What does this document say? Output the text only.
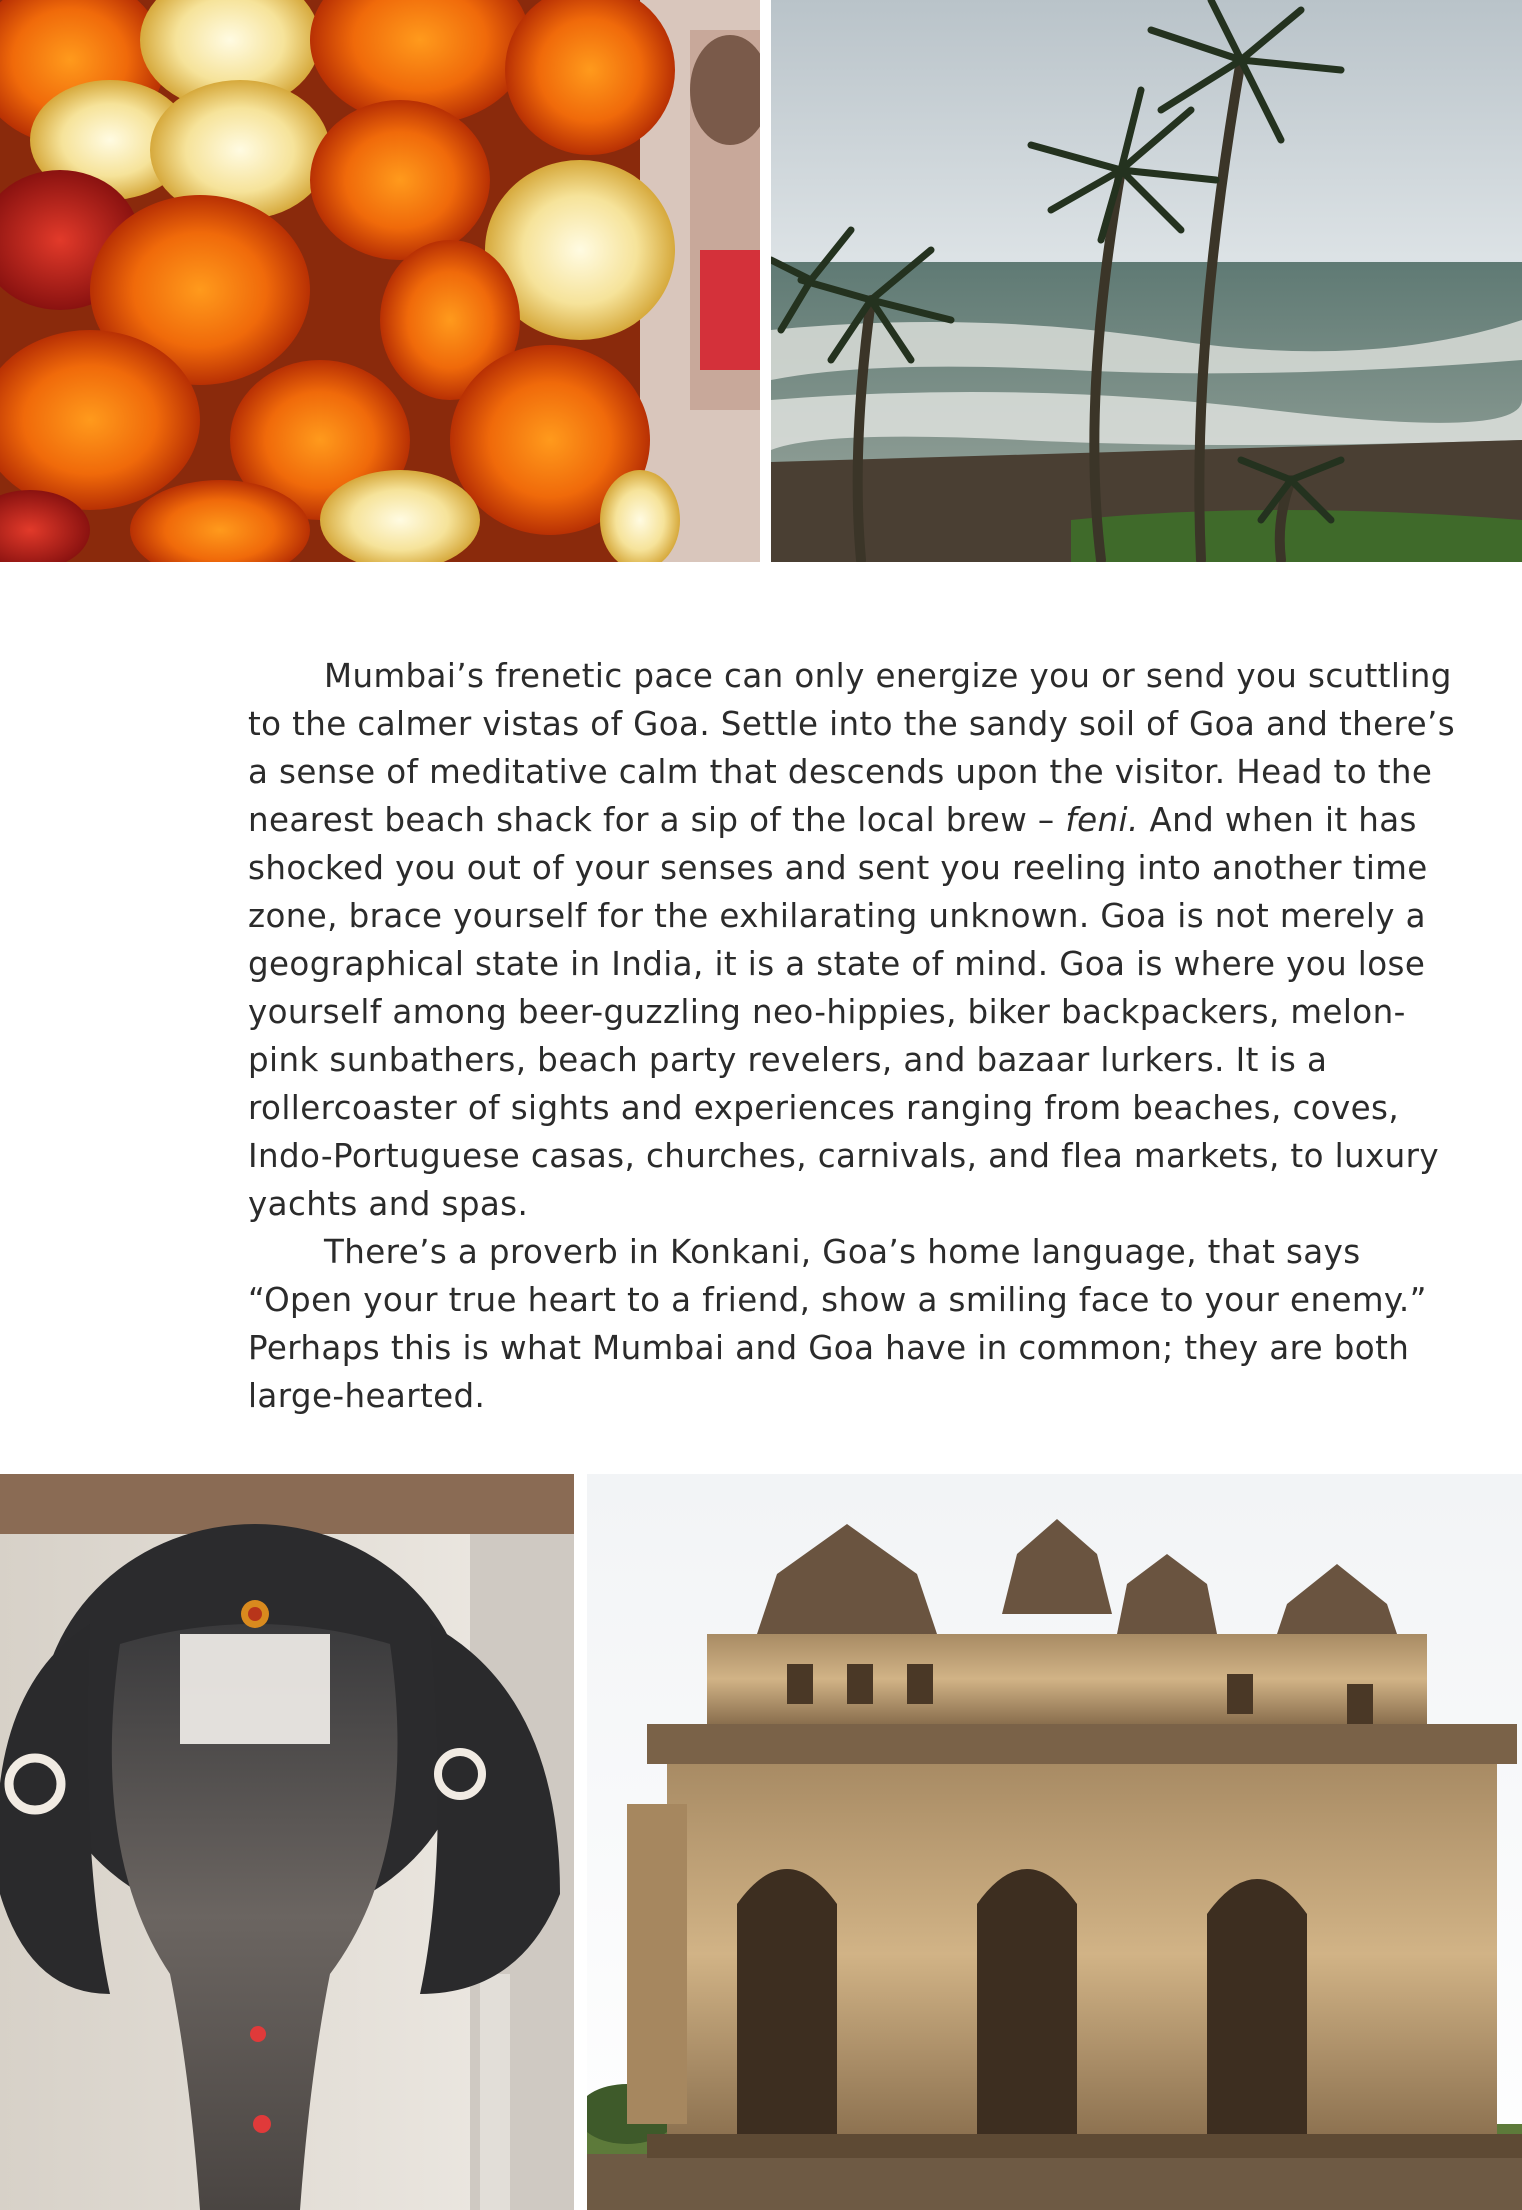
Mumbai’s frenetic pace can only energize you or send you scuttling to the calmer vistas of Goa. Settle into the sandy soil of Goa and there’s a sense of meditative calm that descends upon the visitor. Head to the nearest beach shack for a sip of the local brew – feni. And when it has shocked you out of your senses and sent you reeling into another time zone, brace yourself for the exhilarating unknown. Goa is not merely a geographical state in India, it is a state of mind. Goa is where you lose yourself among beer-guzzling neo-hippies, biker backpackers, melon-pink sunbathers, beach party revelers, and bazaar lurkers. It is a rollercoaster of sights and experiences ranging from beaches, coves, Indo-Portuguese casas, churches, carnivals, and flea markets, to luxury yachts and spas.

There’s a proverb in Konkani, Goa’s home language, that says “Open your true heart to a friend, show a smiling face to your enemy.” Perhaps this is what Mumbai and Goa have in common; they are both large-hearted.
